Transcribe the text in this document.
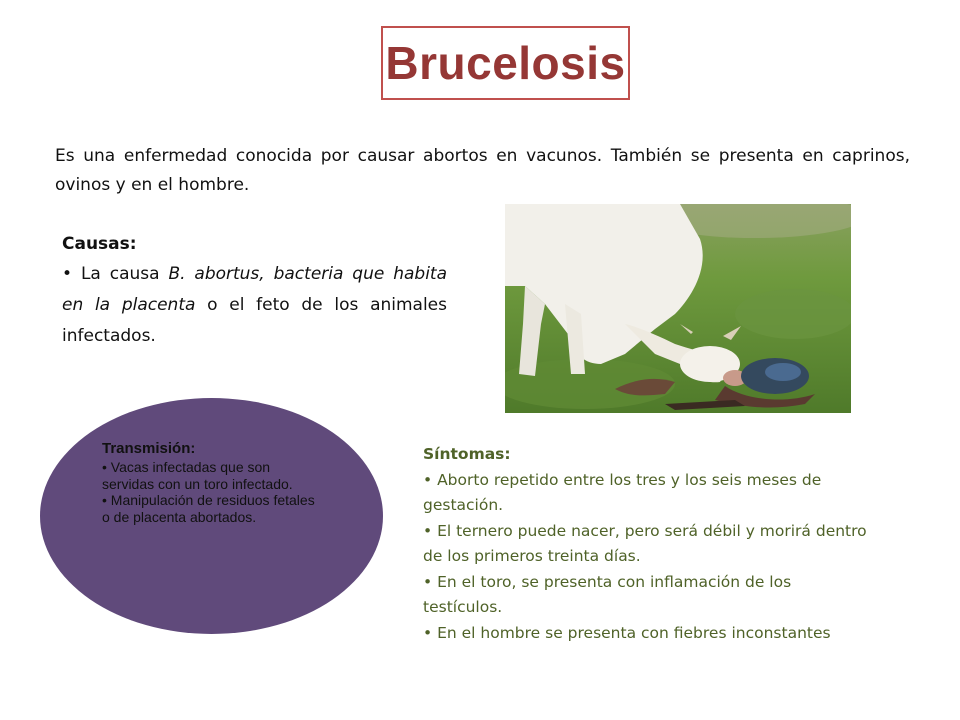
Brucelosis

Es una enfermedad conocida por causar abortos en vacunos. También se presenta en caprinos, ovinos y en el hombre.

Causas:

• La causa B. abortus, bacteria que habita en la placenta o el feto de los animales infectados.

Transmisión:

• Vacas infectadas que son servidas con un toro infectado.

• Manipulación de residuos fetales o de placenta abortados.

Síntomas:

• Aborto repetido entre los tres y los seis meses de gestación.

• El ternero puede nacer, pero será débil y morirá dentro de los primeros treinta días.

• En el toro, se presenta con inflamación de los testículos.

• En el hombre se presenta con fiebres inconstantes
